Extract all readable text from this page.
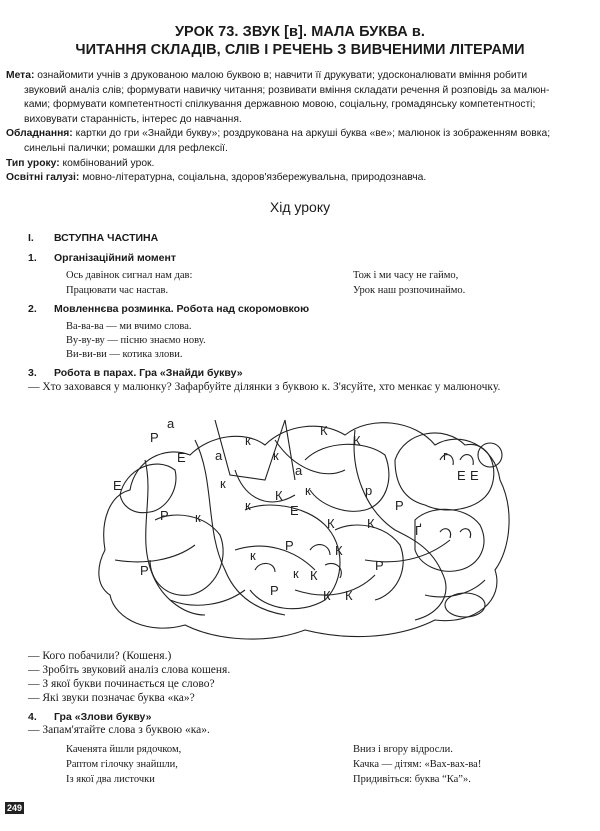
УРОК 73. ЗВУК [в]. МАЛА БУКВА в.
ЧИТАННЯ СКЛАДІВ, СЛІВ І РЕЧЕНЬ З ВИВЧЕНИМИ ЛІТЕРАМИ

Мета: ознайомити учнів з друкованою малою буквою в; навчити її друкувати; удосконалювати вміння робити

звуковий аналіз слів; формувати навичку читання; розвивати вміння складати речення й розповідь за малюн-

ками; формувати компетентності спілкування державною мовою, соціальну, громадянську компетентності;

виховувати старанність, інтерес до навчання.

Обладнання: картки до гри «Знайди букву»; роздрукована на аркуші буква «ве»; малюнок із зображенням вовка;

синельні палички; ромашки для рефлексії.

Тип уроку: комбінований урок.

Освітні галузі: мовно-літературна, соціальна, здоров'язбережувальна, природознавча.

Хід уроку
I. ВСТУПНА ЧАСТИНА
1. Організаційний момент
Ось давінок сигнал нам дав:
Працювати час настав.
Тож і ми часу не гаймо,
Урок наш розпочинаймо.
2. Мовленнєва розминка. Робота над скоромовкою
Ва-ва-ва — ми вчимо слова.
Ву-ву-ву — пісню знаємо нову.
Ви-ви-ви — котика злови.
3. Робота в парах. Гра «Знайди букву»
— Хто заховався у малюнку? Зафарбуйте ділянки з буквою к. З'ясуйте, хто менкає у малюночку.
Р
Е
а
Е
а
к
к
а
к
К
К
Е
г
Е
к
к
К к	р
К
Р
Ґ
К
Р
к	К
Р
Р	Е
Р
К
К К
Р
к
— Кого побачили? (Кошеня.)
— Зробіть звуковий аналіз слова кошеня.
— З якої букви починається це слово?
— Які звуки позначає буква «ка»?
4. Гра «Злови букву»
— Запам'ятайте слова з буквою «ка».
Каченята йшли рядочком,
Раптом гілочку знайшли,
Із якої два листочки
Вниз і вгору відросли.
Качка — дітям: «Вах-вах-ва!
Придивіться: буква “Ка”».
249
